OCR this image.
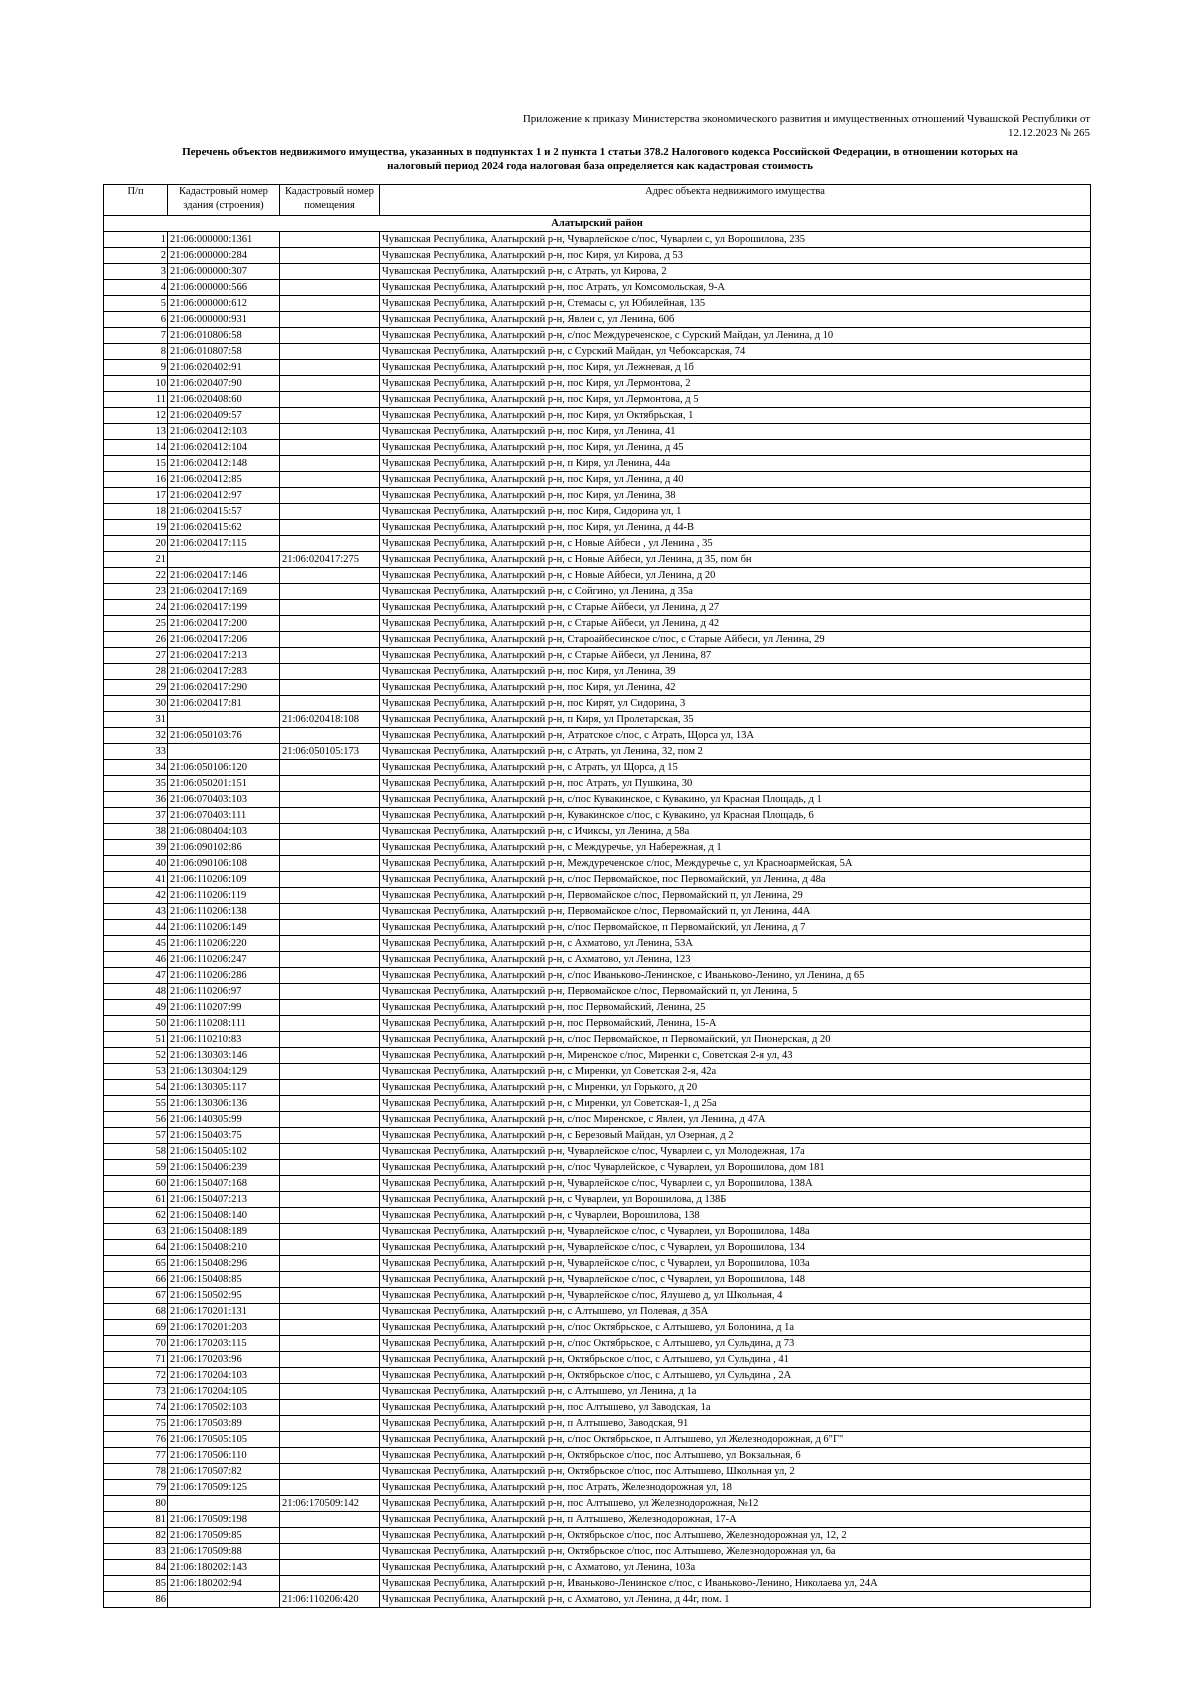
Приложение к приказу Министерства экономического развития и имущественных отношений Чувашской Республики от
12.12.2023 № 265
Перечень объектов недвижимого имущества, указанных в подпунктах 1 и 2 пункта 1 статьи 378.2 Налогового кодекса Российской Федерации, в отношении которых на
налоговый период 2024 года налоговая база определяется как кадастровая стоимость
П/п	Кадастровый номер здания (строения)	Кадастровый номер помещения	Адрес объекта недвижимого имущества
Алатырский район			
1	21:06:000000:1361		Чувашская Республика, Алатырский р-н, Чуварлейское с/пос, Чуварлеи с, ул Ворошилова, 235
2	21:06:000000:284		Чувашская Республика, Алатырский р-н, пос Киря, ул Кирова, д 53
3	21:06:000000:307		Чувашская Республика, Алатырский р-н, с Атрать, ул Кирова, 2
4	21:06:000000:566		Чувашская Республика, Алатырский р-н, пос Атрать, ул Комсомольская, 9-А
5	21:06:000000:612		Чувашская Республика, Алатырский р-н, Стемасы с, ул Юбилейная, 135
6	21:06:000000:931		Чувашская Республика, Алатырский р-н, Явлеи с, ул Ленина, 60б
7	21:06:010806:58		Чувашская Республика, Алатырский р-н, с/пос Междуреченское, с Сурский Майдан, ул Ленина, д 10
8	21:06:010807:58		Чувашская Республика, Алатырский р-н, с Сурский Майдан, ул Чебоксарская, 74
9	21:06:020402:91		Чувашская Республика, Алатырский р-н, пос Киря, ул Лежневая, д 1б
10	21:06:020407:90		Чувашская Республика, Алатырский р-н, пос Киря, ул Лермонтова, 2
11	21:06:020408:60		Чувашская Республика, Алатырский р-н, пос Киря, ул Лермонтова, д 5
12	21:06:020409:57		Чувашская Республика, Алатырский р-н, пос Киря, ул Октябрьская, 1
13	21:06:020412:103		Чувашская Республика, Алатырский р-н, пос Киря, ул Ленина, 41
14	21:06:020412:104		Чувашская Республика, Алатырский р-н, пос Киря, ул Ленина, д 45
15	21:06:020412:148		Чувашская Республика, Алатырский р-н, п Киря, ул Ленина, 44а
16	21:06:020412:85		Чувашская Республика, Алатырский р-н, пос Киря, ул Ленина, д 40
17	21:06:020412:97		Чувашская Республика, Алатырский р-н, пос Киря, ул Ленина, 38
18	21:06:020415:57		Чувашская Республика, Алатырский р-н, пос Киря, Сидорина ул, 1
19	21:06:020415:62		Чувашская Республика, Алатырский р-н, пос Киря, ул Ленина, д 44-В
20	21:06:020417:115		Чувашская Республика, Алатырский р-н, с Новые Айбеси , ул Ленина , 35
21		21:06:020417:275	Чувашская Республика, Алатырский р-н, с Новые Айбеси, ул Ленина, д 35, пом бн
22	21:06:020417:146		Чувашская Республика, Алатырский р-н, с Новые Айбеси, ул Ленина, д 20
23	21:06:020417:169		Чувашская Республика, Алатырский р-н, с Сойгино, ул Ленина, д 35а
24	21:06:020417:199		Чувашская Республика, Алатырский р-н, с Старые Айбеси, ул Ленина, д 27
25	21:06:020417:200		Чувашская Республика, Алатырский р-н, с Старые Айбеси, ул Ленина, д 42
26	21:06:020417:206		Чувашская Республика, Алатырский р-н, Староайбесинское с/пос, с Старые Айбеси, ул Ленина, 29
27	21:06:020417:213		Чувашская Республика, Алатырский р-н, с Старые Айбеси, ул Ленина, 87
28	21:06:020417:283		Чувашская Республика, Алатырский р-н, пос Киря, ул Ленина, 39
29	21:06:020417:290		Чувашская Республика, Алатырский р-н, пос Киря, ул Ленина, 42
30	21:06:020417:81		Чувашская Республика, Алатырский р-н, пос Кирят, ул Сидорина, 3
31		21:06:020418:108	Чувашская Республика, Алатырский р-н, п Киря, ул Пролетарская, 35
32	21:06:050103:76		Чувашская Республика, Алатырский р-н, Атратское с/пос, с Атрать, Щорса ул, 13А
33		21:06:050105:173	Чувашская Республика, Алатырский р-н, с Атрать, ул Ленина, 32, пом 2
34	21:06:050106:120		Чувашская Республика, Алатырский р-н, с Атрать, ул Щорса, д 15
35	21:06:050201:151		Чувашская Республика, Алатырский р-н, пос Атрать, ул Пушкина, 30
36	21:06:070403:103		Чувашская Республика, Алатырский р-н, с/пос Кувакинское, с Кувакино, ул Красная Площадь, д 1
37	21:06:070403:111		Чувашская Республика, Алатырский р-н, Кувакинское с/пос, с Кувакино, ул Красная Площадь, 6
38	21:06:080404:103		Чувашская Республика, Алатырский р-н, с Ичиксы, ул Ленина, д 58а
39	21:06:090102:86		Чувашская Республика, Алатырский р-н, с Междуречье, ул Набережная, д 1
40	21:06:090106:108		Чувашская Республика, Алатырский р-н, Междуреченское с/пос, Междуречье с, ул Красноармейская, 5А
41	21:06:110206:109		Чувашская Республика, Алатырский р-н, с/пос Первомайское, пос Первомайский, ул Ленина, д 48а
42	21:06:110206:119		Чувашская Республика, Алатырский р-н, Первомайское с/пос, Первомайский п, ул Ленина, 29
43	21:06:110206:138		Чувашская Республика, Алатырский р-н, Первомайское с/пос, Первомайский п, ул Ленина, 44А
44	21:06:110206:149		Чувашская Республика, Алатырский р-н, с/пос Первомайское, п Первомайский, ул Ленина, д 7
45	21:06:110206:220		Чувашская Республика, Алатырский р-н, с Ахматово, ул Ленина, 53А
46	21:06:110206:247		Чувашская Республика, Алатырский р-н, с Ахматово, ул Ленина, 123
47	21:06:110206:286		Чувашская Республика, Алатырский р-н, с/пос Иваньково-Ленинское, с Иваньково-Ленино, ул Ленина, д 65
48	21:06:110206:97		Чувашская Республика, Алатырский р-н, Первомайское с/пос, Первомайский п, ул Ленина, 5
49	21:06:110207:99		Чувашская Республика, Алатырский р-н, пос Первомайский, Ленина, 25
50	21:06:110208:111		Чувашская Республика, Алатырский р-н, пос Первомайский, Ленина, 15-А
51	21:06:110210:83		Чувашская Республика, Алатырский р-н, с/пос Первомайское, п Первомайский, ул Пионерская, д 20
52	21:06:130303:146		Чувашская Республика, Алатырский р-н, Миренское с/пос, Миренки с, Советская 2-я ул, 43
53	21:06:130304:129		Чувашская Республика, Алатырский р-н, с Миренки, ул Советская 2-я, 42а
54	21:06:130305:117		Чувашская Республика, Алатырский р-н, с Миренки, ул Горького, д 20
55	21:06:130306:136		Чувашская Республика, Алатырский р-н, с Миренки, ул Советская-1, д 25а
56	21:06:140305:99		Чувашская Республика, Алатырский р-н, с/пос Миренское, с Явлеи, ул Ленина, д 47А
57	21:06:150403:75		Чувашская Республика, Алатырский р-н, с Березовый Майдан, ул Озерная, д 2
58	21:06:150405:102		Чувашская Республика, Алатырский р-н, Чуварлейское с/пос, Чуварлеи с, ул Молодежная, 17а
59	21:06:150406:239		Чувашская Республика, Алатырский р-н, с/пос Чуварлейское, с Чуварлеи, ул Ворошилова, дом 181
60	21:06:150407:168		Чувашская Республика, Алатырский р-н, Чуварлейское с/пос, Чуварлеи с, ул Ворошилова, 138А
61	21:06:150407:213		Чувашская Республика, Алатырский р-н, с Чуварлеи, ул Ворошилова, д 138Б
62	21:06:150408:140		Чувашская Республика, Алатырский р-н, с Чуварлеи, Ворошилова, 138
63	21:06:150408:189		Чувашская Республика, Алатырский р-н, Чуварлейское с/пос, с Чуварлеи, ул Ворошилова, 148а
64	21:06:150408:210		Чувашская Республика, Алатырский р-н, Чуварлейское с/пос, с Чуварлеи, ул Ворошилова, 134
65	21:06:150408:296		Чувашская Республика, Алатырский р-н, Чуварлейское с/пос, с Чуварлеи, ул Ворошилова, 103а
66	21:06:150408:85		Чувашская Республика, Алатырский р-н, Чуварлейское с/пос, с Чуварлеи, ул Ворошилова, 148
67	21:06:150502:95		Чувашская Республика, Алатырский р-н, Чуварлейское с/пос, Ялушево д, ул Школьная, 4
68	21:06:170201:131		Чувашская Республика, Алатырский р-н, с Алтышево, ул Полевая, д 35А
69	21:06:170201:203		Чувашская Республика, Алатырский р-н, с/пос Октябрьское, с Алтышево, ул Болонина, д 1а
70	21:06:170203:115		Чувашская Республика, Алатырский р-н, с/пос Октябрьское, с Алтышево, ул Сульдина, д 73
71	21:06:170203:96		Чувашская Республика, Алатырский р-н, Октябрьское с/пос, с Алтышево, ул Сульдина , 41
72	21:06:170204:103		Чувашская Республика, Алатырский р-н, Октябрьское с/пос, с Алтышево, ул Сульдина , 2А
73	21:06:170204:105		Чувашская Республика, Алатырский р-н, с Алтышево, ул Ленина, д 1а
74	21:06:170502:103		Чувашская Республика, Алатырский р-н, пос Алтышево, ул Заводская, 1а
75	21:06:170503:89		Чувашская Республика, Алатырский р-н, п Алтышево, Заводская, 91
76	21:06:170505:105		Чувашская Республика, Алатырский р-н, с/пос Октябрьское, п Алтышево, ул Железнодорожная, д 6"Г"
77	21:06:170506:110		Чувашская Республика, Алатырский р-н, Октябрьское с/пос, пос Алтышево, ул Вокзальная, 6
78	21:06:170507:82		Чувашская Республика, Алатырский р-н, Октябрьское с/пос, пос Алтышево, Школьная ул, 2
79	21:06:170509:125		Чувашская Республика, Алатырский р-н, пос Атрать, Железнодорожная ул, 18
80		21:06:170509:142	Чувашская Республика, Алатырский р-н, пос Алтышево, ул Железнодорожная, №12
81	21:06:170509:198		Чувашская Республика, Алатырский р-н, п Алтышево, Железнодорожная, 17-А
82	21:06:170509:85		Чувашская Республика, Алатырский р-н, Октябрьское с/пос, пос Алтышево, Железнодорожная ул, 12, 2
83	21:06:170509:88		Чувашская Республика, Алатырский р-н, Октябрьское с/пос, пос Алтышево, Железнодорожная ул, 6а
84	21:06:180202:143		Чувашская Республика, Алатырский р-н, с Ахматово, ул Ленина, 103а
85	21:06:180202:94		Чувашская Республика, Алатырский р-н, Иваньково-Ленинское с/пос, с Иваньково-Ленино, Николаева ул, 24А
86		21:06:110206:420	Чувашская Республика, Алатырский р-н, с Ахматово, ул Ленина, д 44г, пом. 1
